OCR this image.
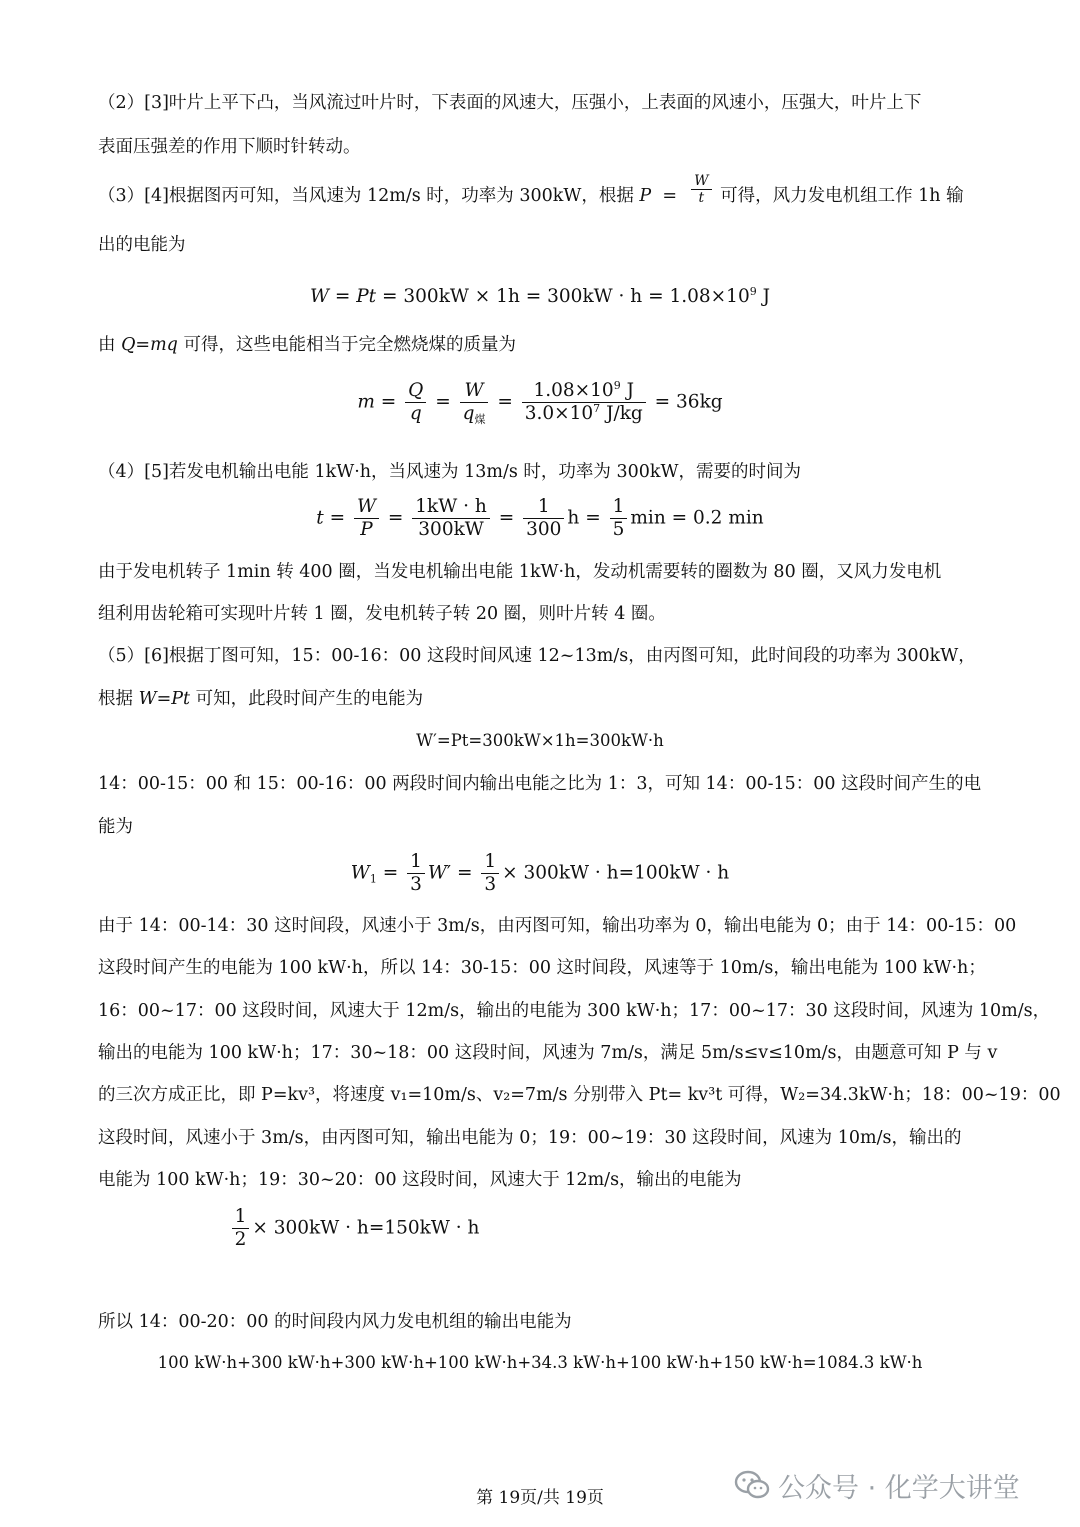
（2）[3]叶片上平下凸，当风流过叶片时，下表面的风速大，压强小，上表面的风速小，压强大，叶片上下
表面压强差的作用下顺时针转动。
（3）[4]根据图丙可知，当风速为 12m/s 时，功率为 300kW，根据 $P = \frac{W}{t}$ 可得，风力发电机组工作 1h 输
出的电能为
$W = Pt = 300kW \times 1h = 300kW \cdot h = 1.08\times 10^9$ J
由 Q=mq 可得，这些电能相当于完全燃烧煤的质量为
$m = \frac{Q}{q} = \frac{W}{q_煤} = \frac{1.08\times 10^9 J}{3.0\times 10^7 J/kg} = 36kg$
（4）[5]若发电机输出电能 1kW·h，当风速为 13m/s 时，功率为 300kW，需要的时间为
$t = \frac{W}{P} = \frac{1kW \cdot h}{300kW} = \frac{1}{300}$ $h = \frac{1}{5}$ min = 0.2 min
由于发电机转子 1min 转 400 圈，当发电机输出电能 1kW·h，发动机需要转的圈数为 80 圈，又风力发电机
组利用齿轮箱可实现叶片转 1 圈，发电机转子转 20 圈，则叶片转 4 圈。
（5）[6]根据丁图可知，15：00-16：00 这段时间风速 12~13m/s，由丙图可知，此时间段的功率为 300kW，
根据 W=Pt 可知，此段时间产生的电能为
W′=Pt=300kW×1h=300kW·h
14：00-15：00 和 15：00-16：00 两段时间内输出电能之比为 1：3，可知 14：00-15：00 这段时间产生的电
能为
$W_1 = \frac{1}{3} W' = \frac{1}{3} \times 300kW \cdot h=100kW \cdot h$
由于 14：00-14：30 这时间段，风速小于 3m/s，由丙图可知，输出功率为 0，输出电能为 0；由于 14：00-15：00
这段时间产生的电能为 100 kW·h，所以 14：30-15：00 这时间段，风速等于 10m/s，输出电能为 100 kW·h；
16：00~17：00 这段时间，风速大于 12m/s，输出的电能为 300 kW·h；17：00~17：30 这段时间，风速为 10m/s，
输出的电能为 100 kW·h；17：30~18：00 这段时间，风速为 7m/s，满足 5m/s≤v≤10m/s，由题意可知 P 与 v
的三次方成正比，即 P=kv³，将速度 v₁=10m/s、v₂=7m/s 分别带入 Pt= kv³t 可得，W₂=34.3kW·h；18：00~19：00
这段时间，风速小于 3m/s，由丙图可知，输出电能为 0；19：00~19：30 这段时间，风速为 10m/s，输出的
电能为 100 kW·h；19：30~20：00 这段时间，风速大于 12m/s，输出的电能为
$\frac{1}{2} \times 300kW \cdot h=150kW \cdot h$
所以 14：00-20：00 的时间段内风力发电机组的输出电能为
100 kW·h+300 kW·h+300 kW·h+100 kW·h+34.3 kW·h+100 kW·h+150 kW·h=1084.3 kW·h
第 19页/共 19页	公众号 · 化学大讲堂
